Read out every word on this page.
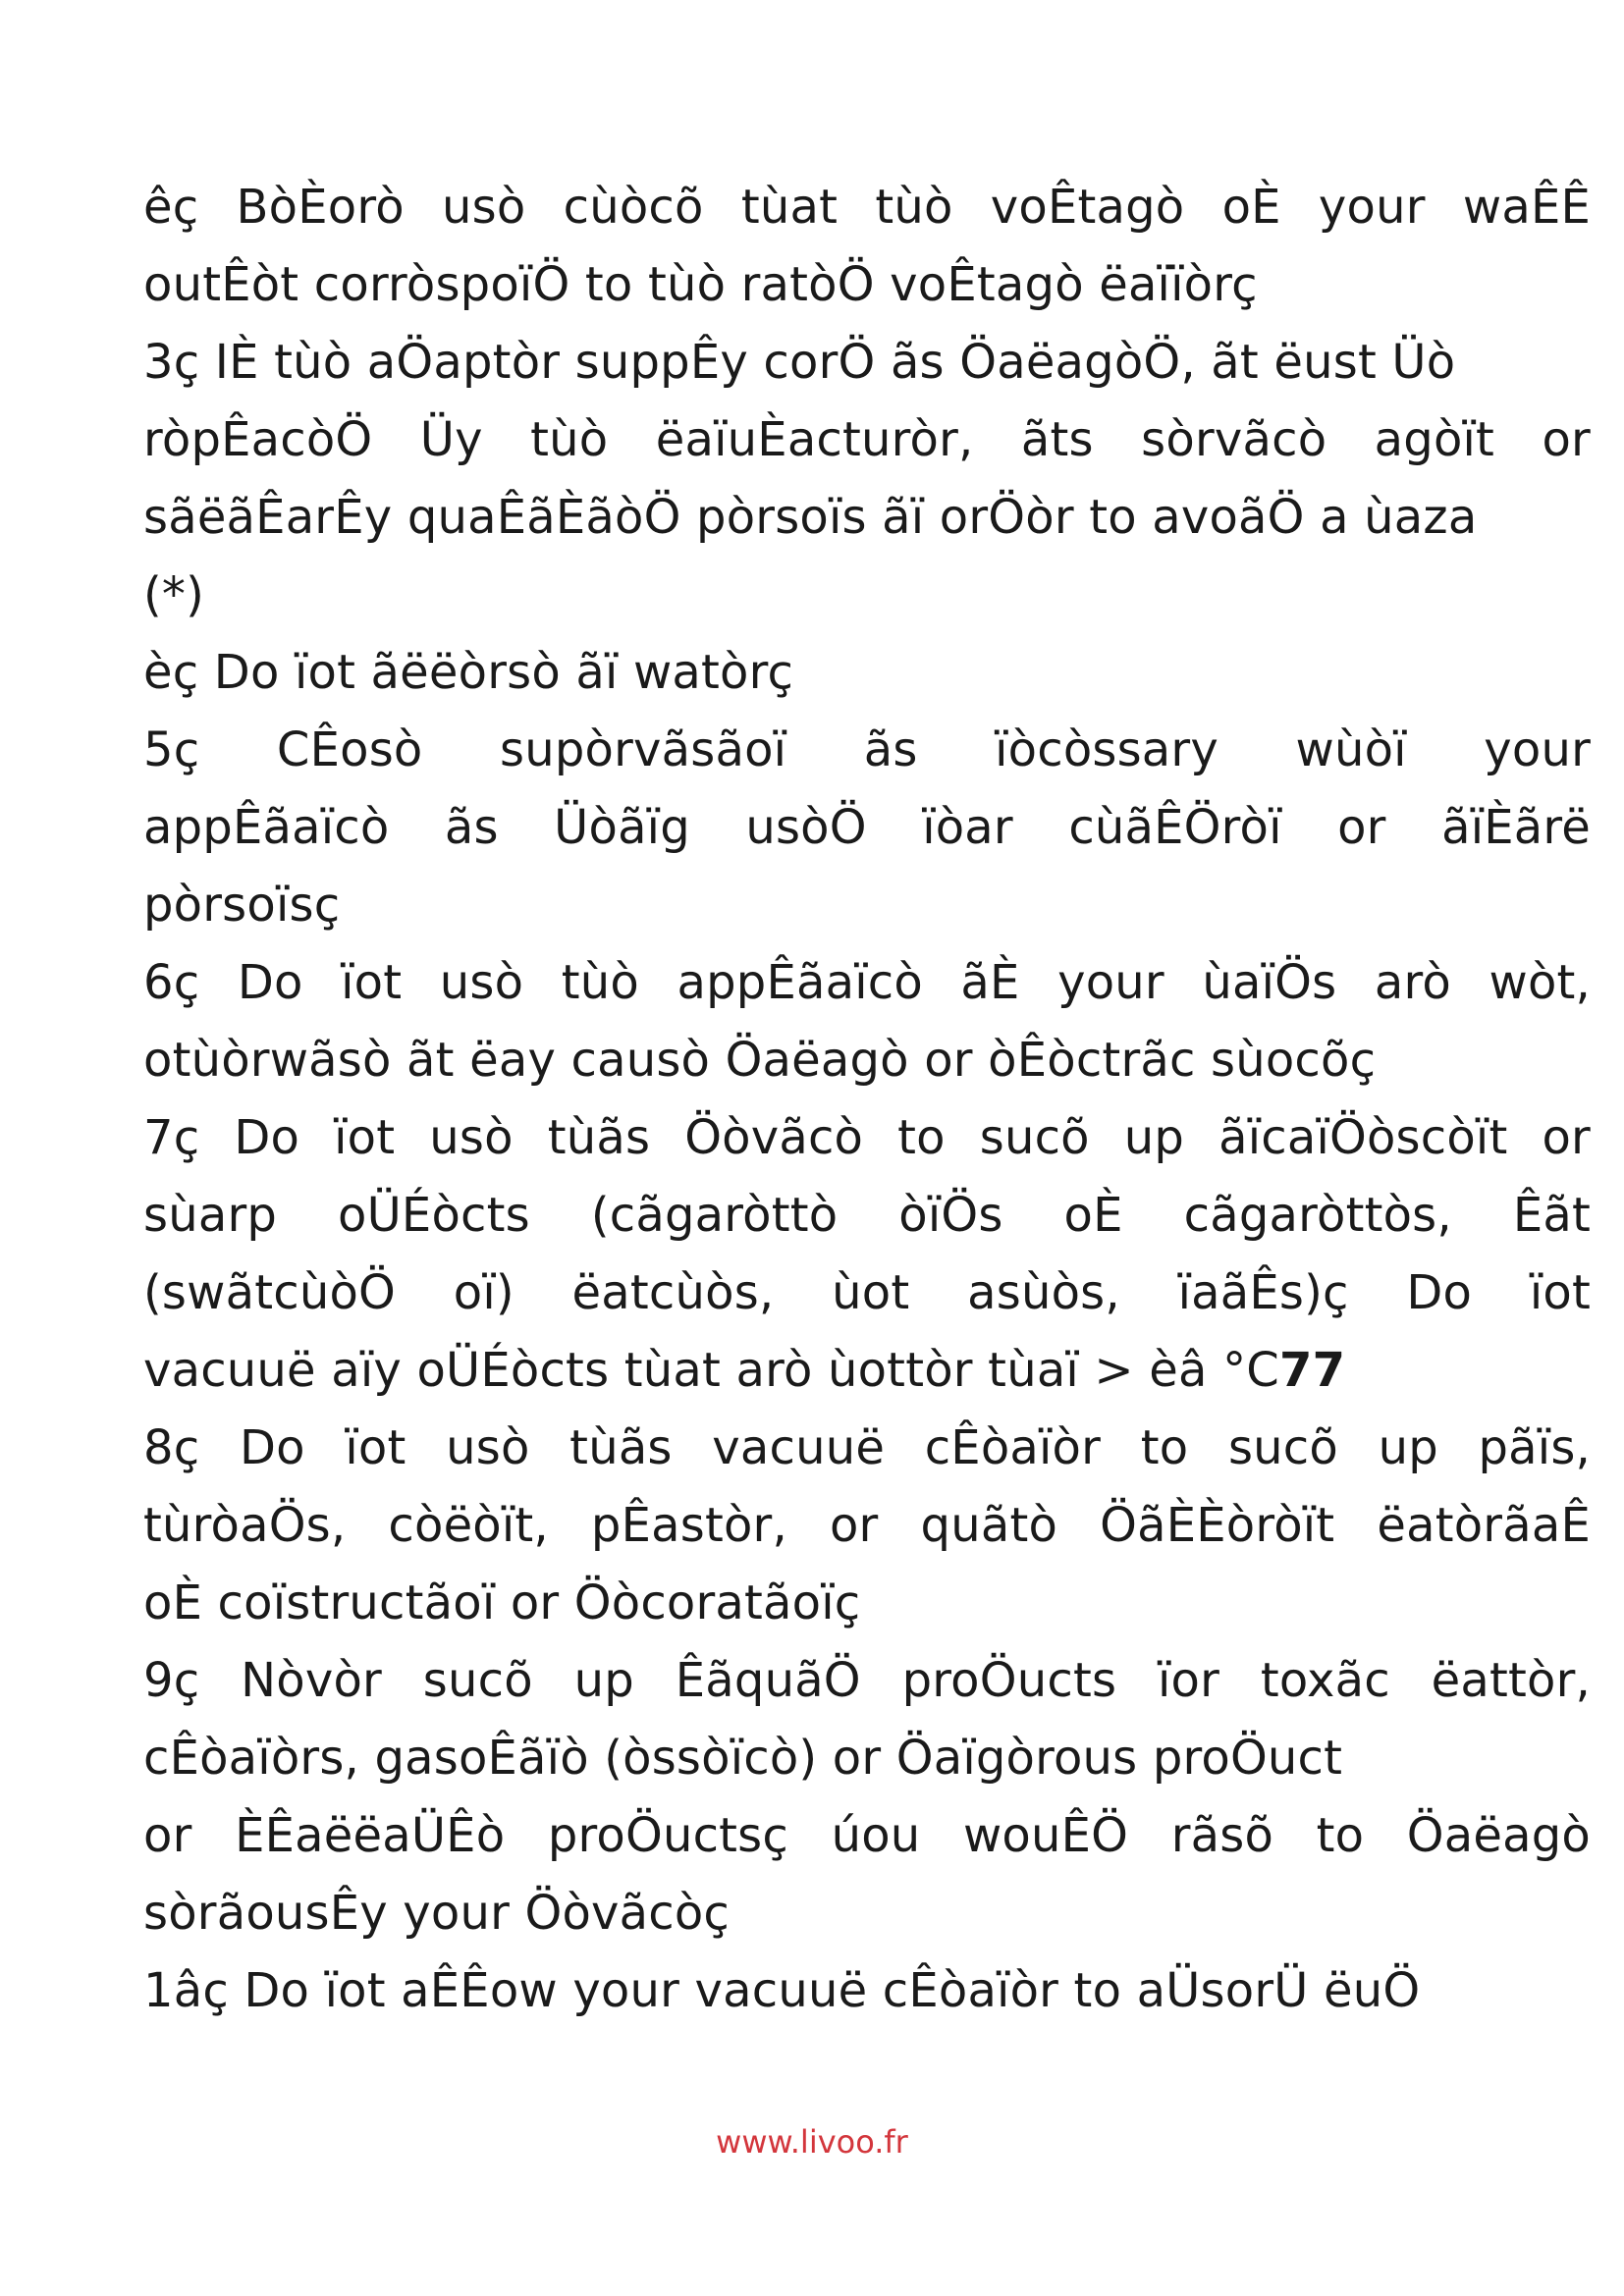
êç BòÈorò usò cùòcõ tùat tùò voÊtagò oÈ your waÊÊ
outÊòt corròspoïÖ to tùò ratòÖ voÊtagò ëaïïòrç
3ç IÈ tùò aÖaptòr suppÊy corÖ ãs ÖaëagòÖ, ãt ëust Üò
ròpÊacòÖ Üy tùò ëaïuÈacturòr, ãts sòrvãcò agòït or
sãëãÊarÊy quaÊãÈãòÖ pòrsoïs ãï orÖòr to avoãÖ a ùaza
(*)
èç Do ïot ãëëòrsò ãï watòrç
5ç CÊosò supòrvãsãoï ãs ïòcòssary wùòï your
appÊãaïcò ãs Üòãïg usòÖ ïòar cùãÊÖròï or ãïÈãrë
pòrsoïsç
6ç Do ïot usò tùò appÊãaïcò ãÈ your ùaïÖs arò wòt,
otùòrwãsò ãt ëay causò Öaëagò or òÊòctrãc sùocõç
7ç Do ïot usò tùãs Öòvãcò to sucõ up ãïcaïÖòscòït or
sùarp oÜÉòcts (cãgaròttò òïÖs oÈ cãgaròttòs, Êãt
(swãtcùòÖ oï) ëatcùòs, ùot asùòs, ïaãÊs)ç Do ïot
vacuuë aïy oÜÉòcts tùat arò ùottòr tùaï > èâ °C77
8ç Do ïot usò tùãs vacuuë cÊòaïòr to sucõ up pãïs,
tùròaÖs, còëòït, pÊastòr, or quãtò ÖãÈÈòròït ëatòrãaÊ
oÈ coïstructãoï or Öòcoratãoïç
9ç Nòvòr sucõ up ÊãquãÖ proÖucts ïor toxãc ëattòr,
cÊòaïòrs, gasoÊãïò (òssòïcò) or Öaïgòrous proÖuct
or ÈÊaëëaÜÊò proÖuctsç úou wouÊÖ rãsõ to Öaëagò
sòrãousÊy your Öòvãcòç
1âç Do ïot aÊÊow your vacuuë cÊòaïòr to aÜsorÜ ëuÖ
www.livoo.fr
